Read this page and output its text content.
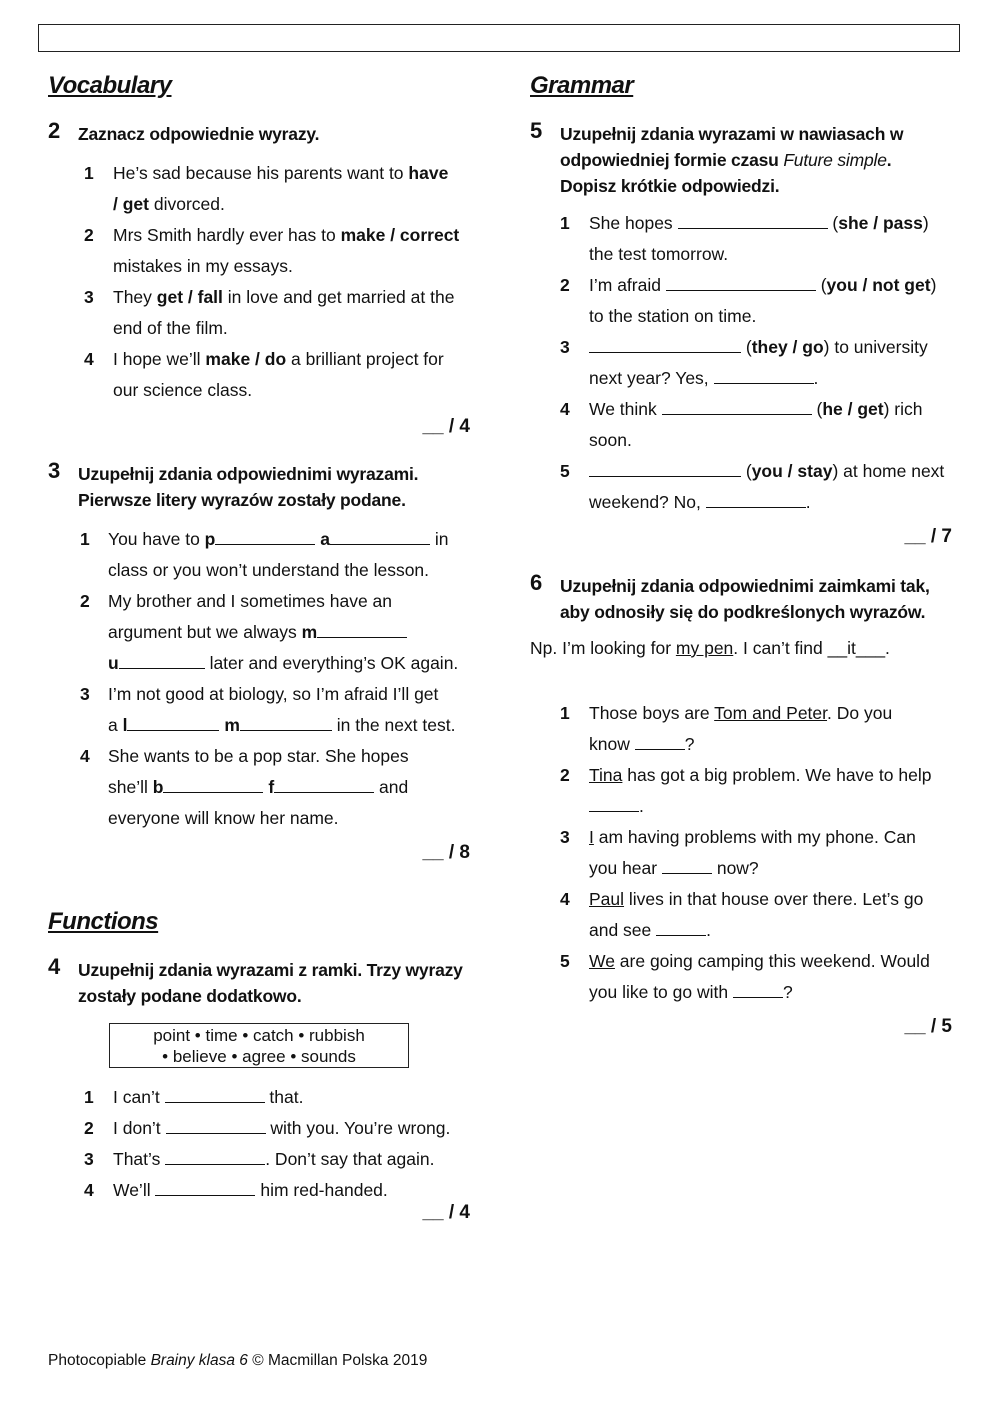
Vocabulary
2 Zaznacz odpowiednie wyrazy.
1	He’s sad because his parents want to have
/ get divorced.
2	Mrs Smith hardly ever has to make / correct
mistakes in my essays.
3	They get / fall in love and get married at the
end of the film.
4	I hope we’ll make / do a brilliant project for
our science class.
__ / 4
3 Uzupełnij zdania odpowiednimi wyrazami.
Pierwsze litery wyrazów zostały podane.
1	You have to p	a	in
class or you won’t understand the lesson.
2	My brother and I sometimes have an
argument but we always m
u	later and everything’s OK again.
3	I’m not good at biology, so I’m afraid I’ll get
a l	m	in the next test.
4	She wants to be a pop star. She hopes
she’ll b	f	and
everyone will know her name.
__ / 8
Functions
4 Uzupełnij zdania wyrazami z ramki. Trzy wyrazy
zostały podane dodatkowo.
point • time • catch • rubbish
• believe • agree • sounds
1	I can’t	that.
2	I don’t	with you. You’re wrong.
3	That’s	. Don’t say that again.
4	We’ll	him red-handed.
__ / 4
Photocopiable Brainy klasa 6 © Macmillan Polska 2019
Grammar
5 Uzupełnij zdania wyrazami w nawiasach w
odpowiedniej formie czasu Future simple.
Dopisz krótkie odpowiedzi.
1	She hopes	(she / pass)
the test tomorrow.
2	I’m afraid	(you / not get)
to the station on time.
3	(they / go) to university
next year? Yes,	.
4	We think	(he / get) rich
soon.
5	(you / stay) at home next
weekend? No,	.
__ / 7
6 Uzupełnij zdania odpowiednimi zaimkami tak,
aby odnosiły się do podkreślonych wyrazów.
Np. I’m looking for my pen. I can’t find __it___.
1	Those boys are Tom and Peter. Do you
know	?
2	Tina has got a big problem. We have to help
.
3	I am having problems with my phone. Can
you hear	now?
4	Paul lives in that house over there. Let’s go
and see	.
5	We are going camping this weekend. Would
you like to go with	?
__ / 5
